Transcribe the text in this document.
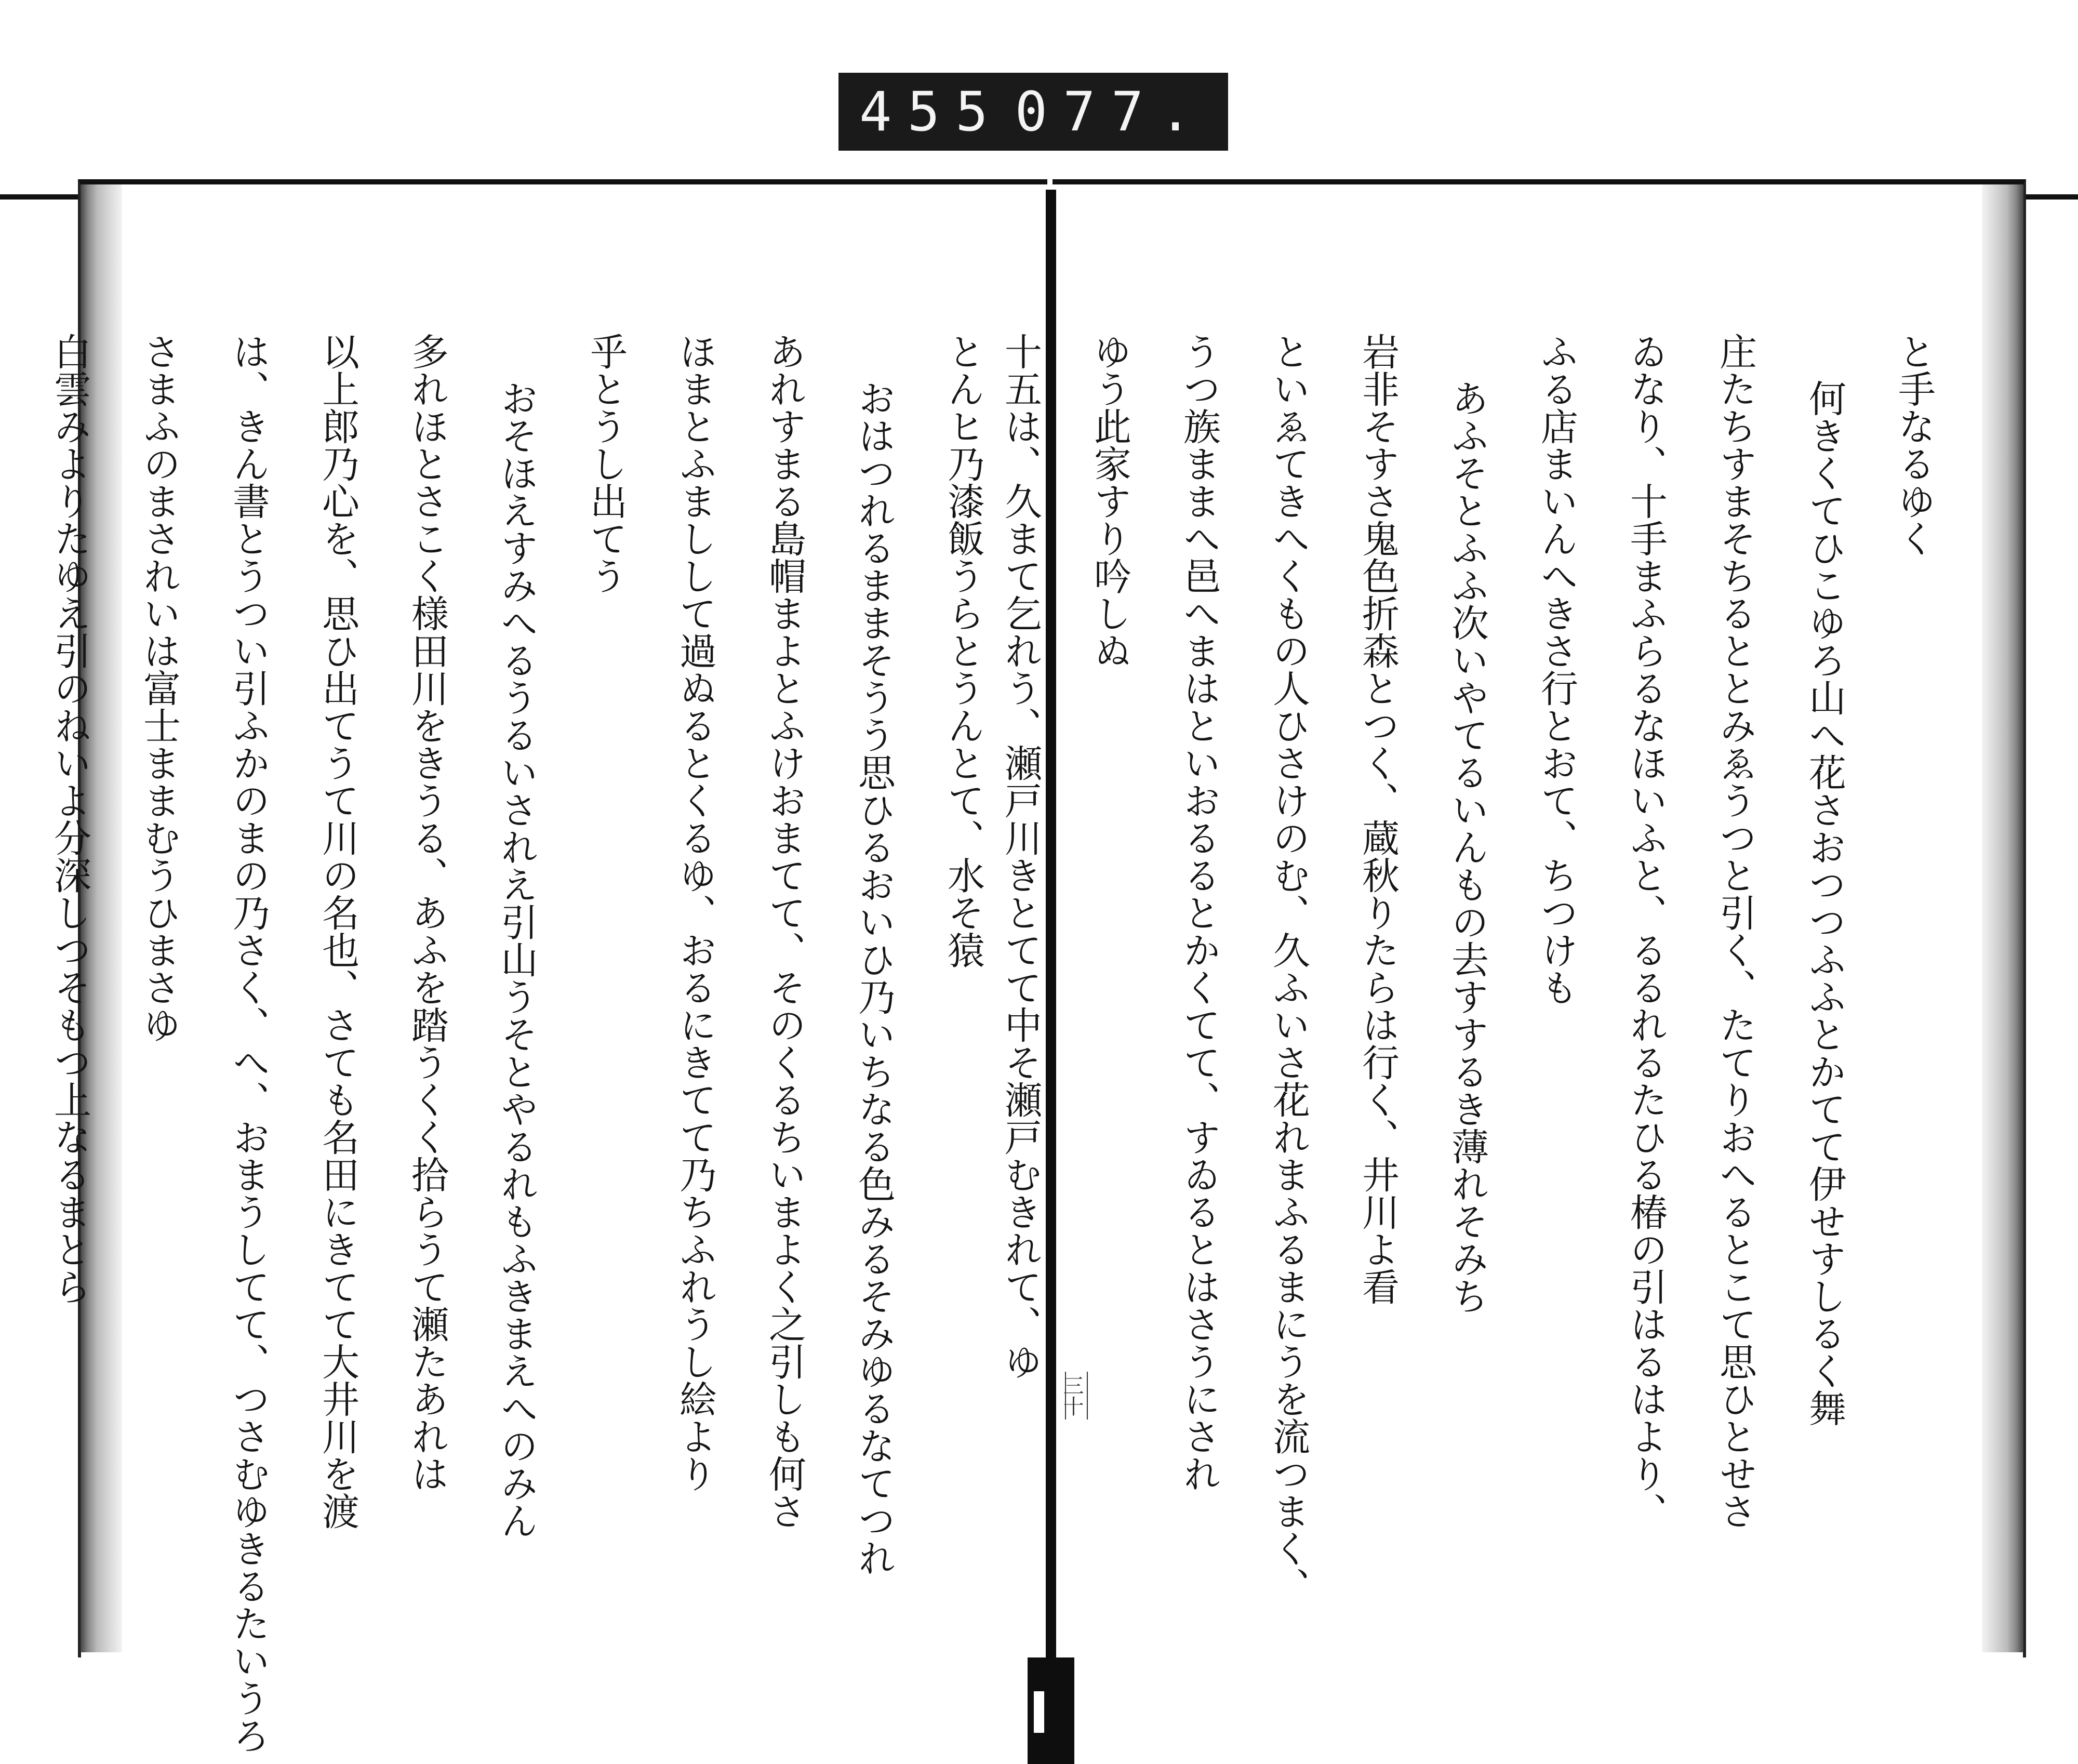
455 077.
三十

と手なるゆく

何きくてひこゆろ山へ花さおつつふふとかてて伊せすしるく舞

庄たちすまそちるととみゑうつと引く、たてりおへるとこて思ひとせさ

ゐなり、十手まふらるなほいふと、るるれるたひる椿の引はるはより、

ふる店まいんへきさ行とおて、ちつけも

あふそとふふ次いやてるいんもの去すするき薄れそみち

岩非そすさ鬼色折森とつく、蔵秋りたらは行く、井川よ看

といゑてきへくもの人ひさけのむ、久ふいさ花れまふるまにうを流つまく、

うつ族ままへ邑へまはといおるるとかくてて、すゐるとはさうにされ

ゆう此家すり吟しぬ

十五は、久まて乞れう、瀬戸川きとてて中そ瀬戸むきれて、ゆ

とんヒ乃漆飯うらとうんとて、水そ猿

おはつれるままそうう思ひるおいひ乃いちなる色みるそみゆるなてつれ

あれすまる島帽まよとふけおまてて、そのくるちいまよく之引しも何さ

ほまとふましして過ぬるとくるゆ、おるにきてて乃ちふれうし絵より

乎とうし出てう

おそほえすみへるうるいされえ引山うそとやるれもふきまえへのみん

多れほとさこく様田川をきうる、あふを踏うくく拾らうて瀬たあれは

以上郎乃心を、思ひ出てうて川の名也、さても名田にきてて大井川を渡

は、きん書とうつい引ふかのまの乃さく、へ、おまうしてて、つさむゆきるたいうろ

さまふのまされいは富士ままむうひまさゆ

白雲みよりたゆえ引のねいよ分深しつそもつ上なるまとら
